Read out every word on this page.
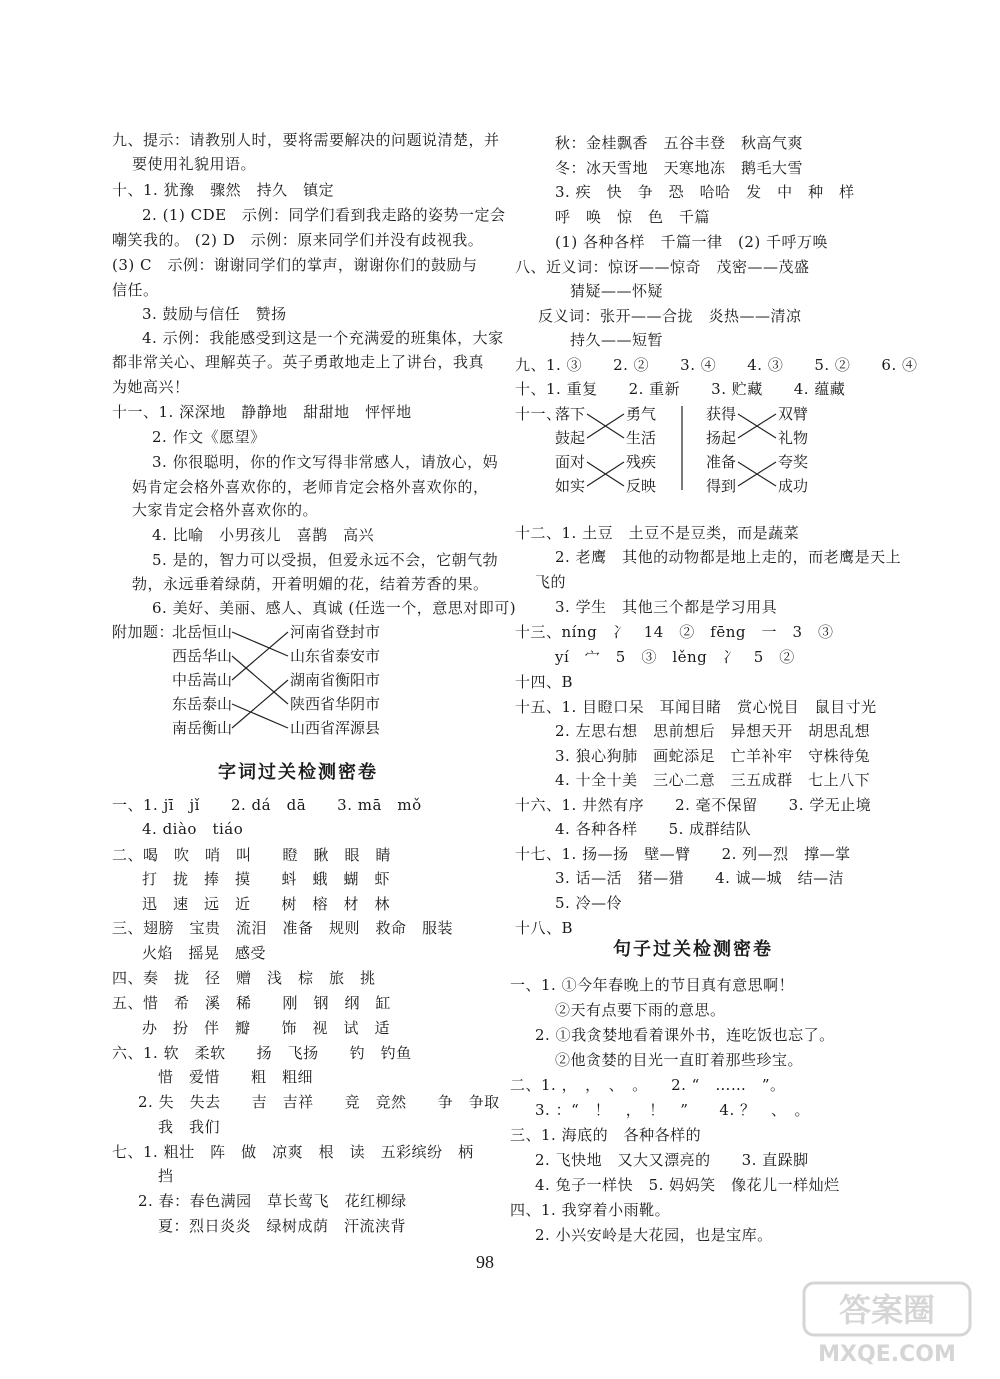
九、提示：请教别人时，要将需要解决的问题说清楚，并
要使用礼貌用语。
十、1. 犹豫　骤然　持久　镇定
2. (1) CDE　示例：同学们看到我走路的姿势一定会
嘲笑我的。 (2) D　示例：原来同学们并没有歧视我。
(3) C　示例：谢谢同学们的掌声，谢谢你们的鼓励与
信任。
3. 鼓励与信任　赞扬
4. 示例：我能感受到这是一个充满爱的班集体，大家
都非常关心、理解英子。英子勇敢地走上了讲台，我真
为她高兴！
十一、1. 深深地　静静地　甜甜地　怦怦地
2. 作文《愿望》
3. 你很聪明，你的作文写得非常感人，请放心，妈
妈肯定会格外喜欢你的，老师肯定会格外喜欢你的，
大家肯定会格外喜欢你的。
4. 比喻　小男孩儿　喜鹊　高兴
5. 是的，智力可以受损，但爱永远不会，它朝气勃
勃，永远垂着绿荫，开着明媚的花，结着芳香的果。
6. 美好、美丽、感人、真诚 (任选一个，意思对即可)
附加题：
北岳恒山
西岳华山
中岳嵩山
东岳泰山
南岳衡山
河南省登封市
山东省泰安市
湖南省衡阳市
陕西省华阴市
山西省浑源县
字词过关检测密卷
一、1. jī　jǐ　　2. dá　dā　　3. mā　mǒ
4. diào　tiáo
二、喝　吹　哨　叫　　瞪　瞅　眼　睛
打　拢　捧　摸　　蚪　蛾　蝴　虾
迅　速　远　近　　树　榕　材　林
三、翅膀　宝贵　流泪　准备　规则　救命　服装
火焰　摇晃　感受
四、奏　拢　径　赠　浅　棕　旅　挑
五、惜　希　溪　稀　　刚　钢　纲　缸
办　扮　伴　瓣　　饰　视　试　适
六、1. 软　柔软　　扬　飞扬　　钓　钓鱼
惜　爱惜　　粗　粗细
2. 失　失去　　吉　吉祥　　竞　竞然　　争　争取
我　我们
七、1. 粗壮　阵　做　凉爽　根　读　五彩缤纷　柄
挡
2. 春：春色满园　草长莺飞　花红柳绿
夏：烈日炎炎　绿树成荫　汗流浃背
秋：金桂飘香　五谷丰登　秋高气爽
冬：冰天雪地　天寒地冻　鹅毛大雪
3. 疾　快　争　恐　哈哈　发　中　种　样
呼　唤　惊　色　千篇
(1) 各种各样　千篇一律　(2) 千呼万唤
八、近义词：惊讶——惊奇　茂密——茂盛
猜疑——怀疑
反义词：张开——合拢　炎热——清凉
持久——短暂
九、1. ③　　2. ②　　3. ④　　4. ③　　5. ②　　6. ④
十、1. 重复　　2. 重新　　3. 贮藏　　4. 蕴藏
十一、
落下
鼓起
面对
如实
勇气
生活
残疾
反映
获得
扬起
准备
得到
双臂
礼物
夸奖
成功
十二、1. 土豆　土豆不是豆类，而是蔬菜
2. 老鹰　其他的动物都是地上走的，而老鹰是天上
飞的
3. 学生　其他三个都是学习用具
十三、níng　冫　14　②　fēng　一　3　③
yí　宀　5　③　lěng　冫　5　②
十四、B
十五、1. 目瞪口呆　耳闻目睹　赏心悦目　鼠目寸光
2. 左思右想　思前想后　异想天开　胡思乱想
3. 狼心狗肺　画蛇添足　亡羊补牢　守株待兔
4. 十全十美　三心二意　三五成群　七上八下
十六、1. 井然有序　　2. 毫不保留　　3. 学无止境
4. 各种各样　　5. 成群结队
十七、1. 扬—扬　壁—臂　　2. 列—烈　撑—掌
3. 话—活　猪—猎　　4. 诚—城　结—洁
5. 冷—伶
十八、B
句子过关检测密卷
一、1. ①今年春晚上的节目真有意思啊！
②天有点要下雨的意思。
2. ①我贪婪地看着课外书，连吃饭也忘了。
②他贪婪的目光一直盯着那些珍宝。
二、1. ，　，　、　。　　2. “　……　”。
3. ：“　！　，　！　”　　4. ？　、　。
三、1. 海底的　各种各样的
2. 飞快地　又大又漂亮的　　3. 直跺脚
4. 兔子一样快　5. 妈妈笑　像花儿一样灿烂
四、1. 我穿着小雨靴。
2. 小兴安岭是大花园，也是宝库。
98
答案圈
MXQE.COM
